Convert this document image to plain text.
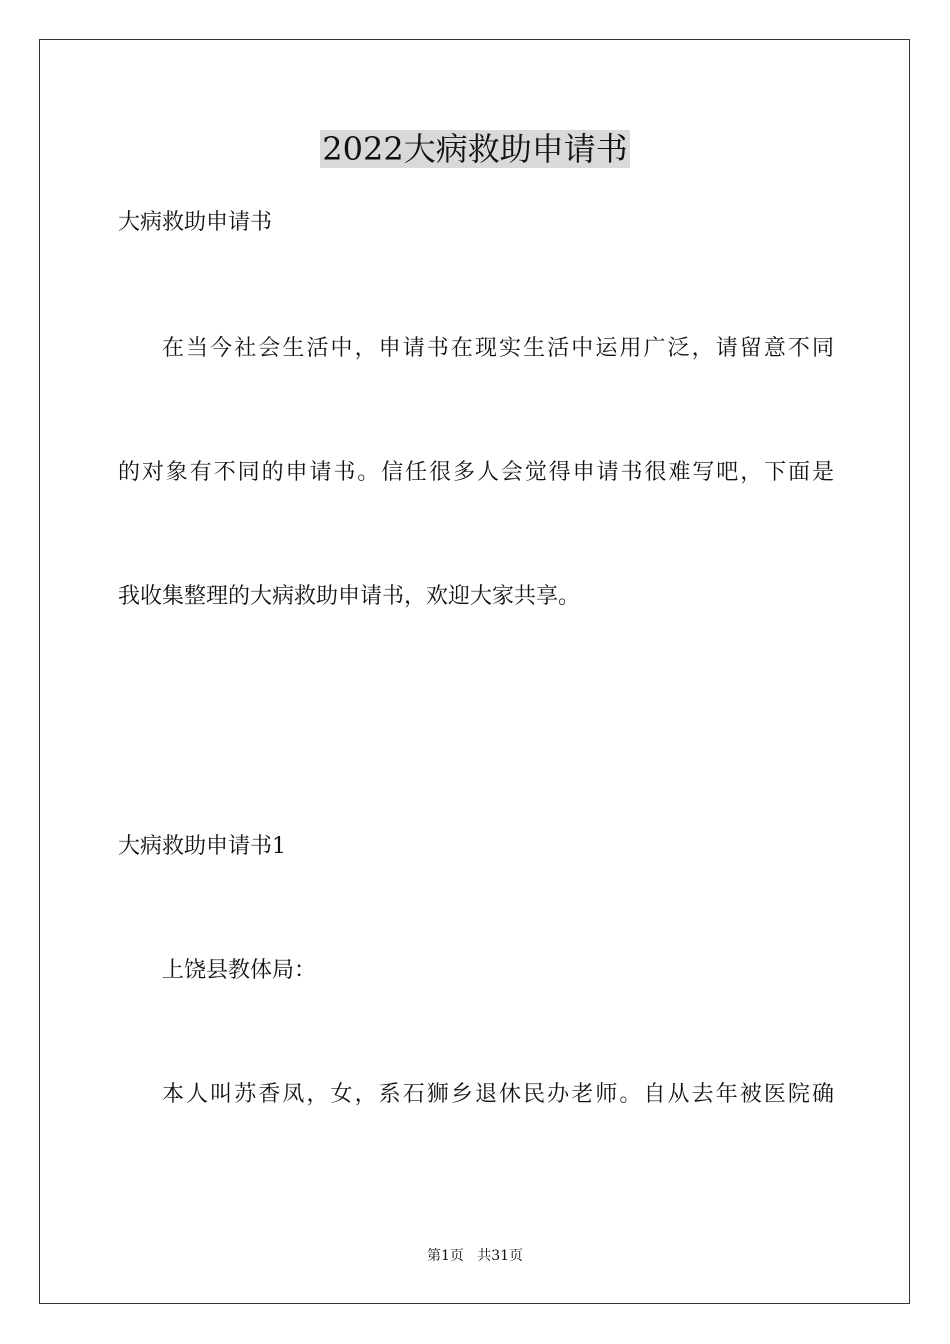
2022大病救助申请书

大病救助申请书

在当今社会生活中，申请书在现实生活中运用广泛，请留意不同

的对象有不同的申请书。信任很多人会觉得申请书很难写吧，下面是

我收集整理的大病救助申请书，欢迎大家共享。

大病救助申请书1

上饶县教体局：

本人叫苏香凤，女，系石狮乡退休民办老师。自从去年被医院确

第1页   共31页
